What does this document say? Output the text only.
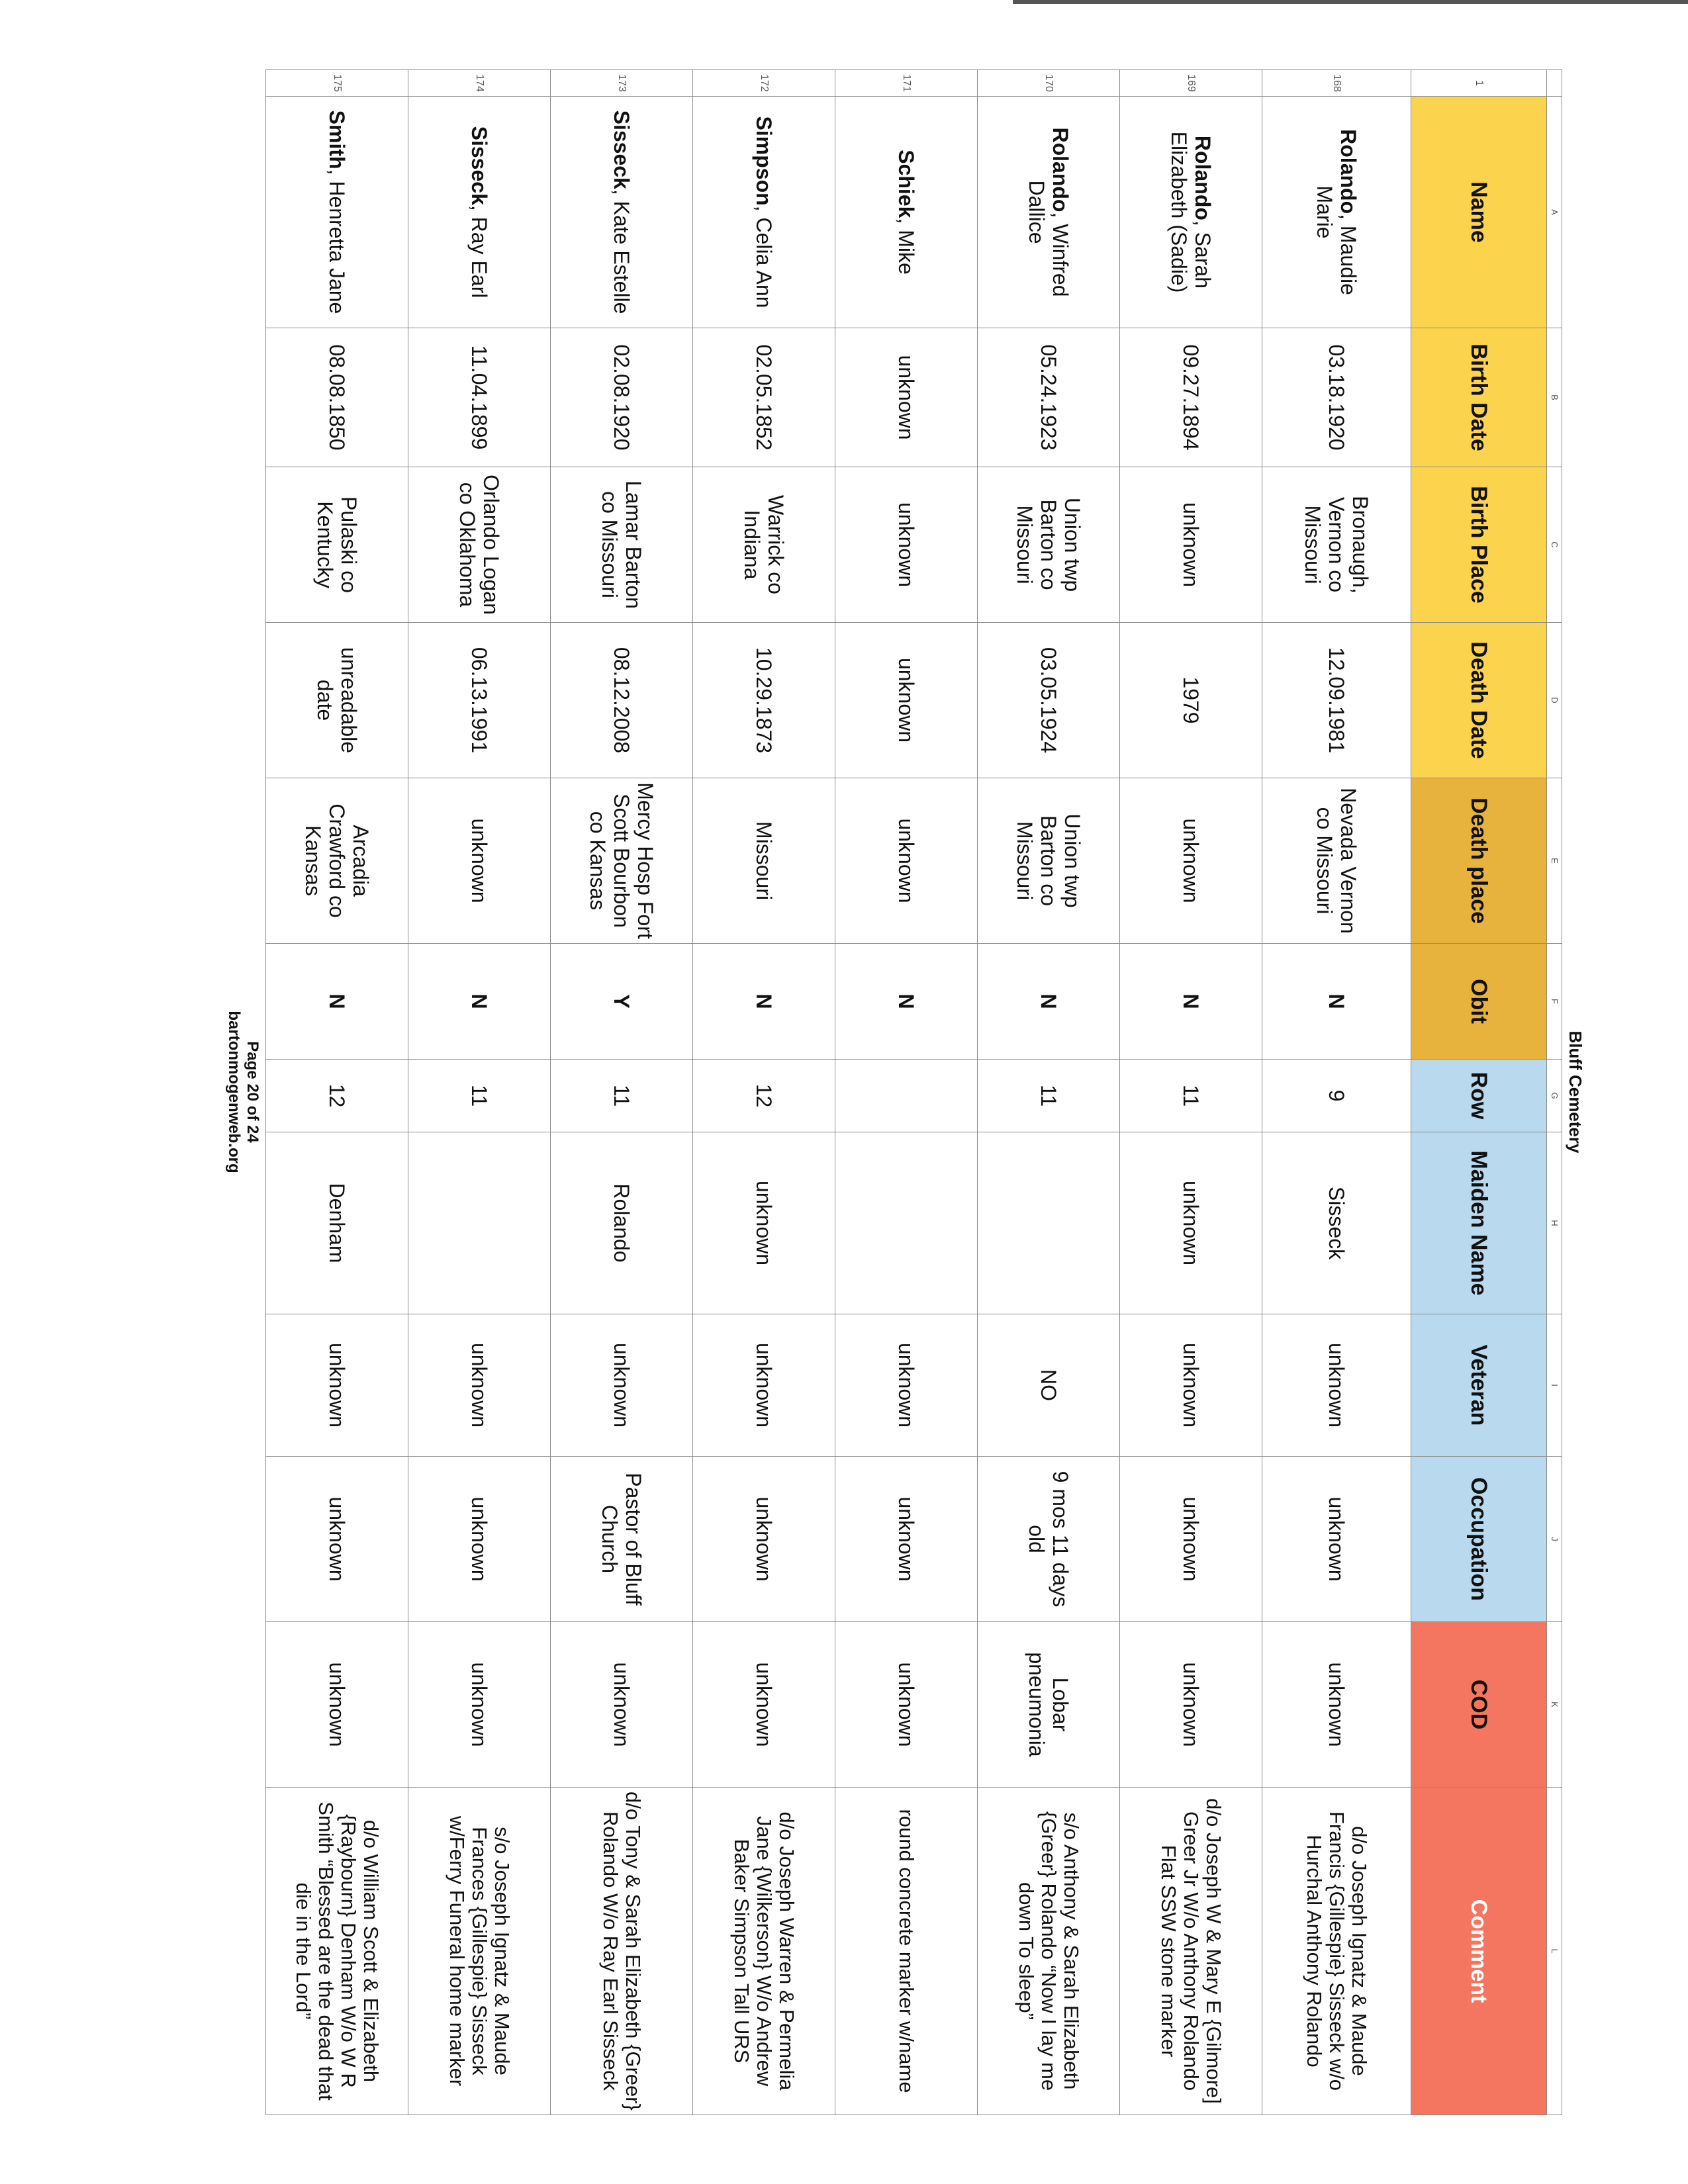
Bluff Cemetery
	A	B	C	D	E	F	G	H	I	J	K	L
1	Name	Birth Date	Birth Place	Death Date	Death place	Obit	Row	Maiden Name	Veteran	Occupation	COD	Comment
168	Rolando, Maudie Marie	03.18.1920	Bronaugh, Vernon co Missouri	12.09.1981	Nevada Vernon co Missouri	N	9	Sisseck	unknown	unknown	unknown	d/o Joseph Ignatz & Maude Francis {Gillespie} Sisseck w/o Hurchal Anthony Rolando
169	Rolando, Sarah Elizabeth (Sadie)	09.27.1894	unknown	1979	unknown	N	11	unknown	unknown	unknown	unknown	d/o Joseph W & Mary E {Gilmore] Greer Jr W/o Anthony Rolando Flat SSW stone marker
170	Rolando, Winfred Dallice	05.24.1923	Union twp Barton co Missouri	03.05.1924	Union twp Barton co Missouri	N	11		NO	9 mos 11 days old	Lobar pneumonia	s/o Anthony & Sarah Elizabeth {Greer} Rolando “Now I lay me down To sleep”
171	Schiek, Mike	unknown	unknown	unknown	unknown	N			unknown	unknown	unknown	round concrete marker w/name
172	Simpson, Celia Ann	02.05.1852	Warrick co Indiana	10.29.1873	Missouri	N	12	unknown	unknown	unknown	unknown	d/o Joseph Warren & Permelia Jane {Wilkerson} W/o Andrew Baker Simpson Tall URS
173	Sisseck, Kate Estelle	02.08.1920	Lamar Barton co Missouri	08.12.2008	Mercy Hosp Fort Scott Bourbon co Kansas	Y	11	Rolando	unknown	Pastor of Bluff Church	unknown	d/o Tony & Sarah Elizabeth {Greer} Rolando W/o Ray Earl Sisseck
174	Sisseck, Ray Earl	11.04.1899	Orlando Logan co Oklahoma	06.13.1991	unknown	N	11		unknown	unknown	unknown	s/o Joseph Ignatz & Maude Frances {Gillespie} Sisseck w/Ferry Funeral home marker
175	Smith, Henretta Jane	08.08.1850	Pulaski co Kentucky	unreadable date	Arcadia Crawford co Kansas	N	12	Denham	unknown	unknown	unknown	d/o William Scott & Elizabeth {Raybourn} Denham W/o W R Smith “Blessed are the dead that die in the Lord”
Page 20 of 24
bartonmogenweb.org
